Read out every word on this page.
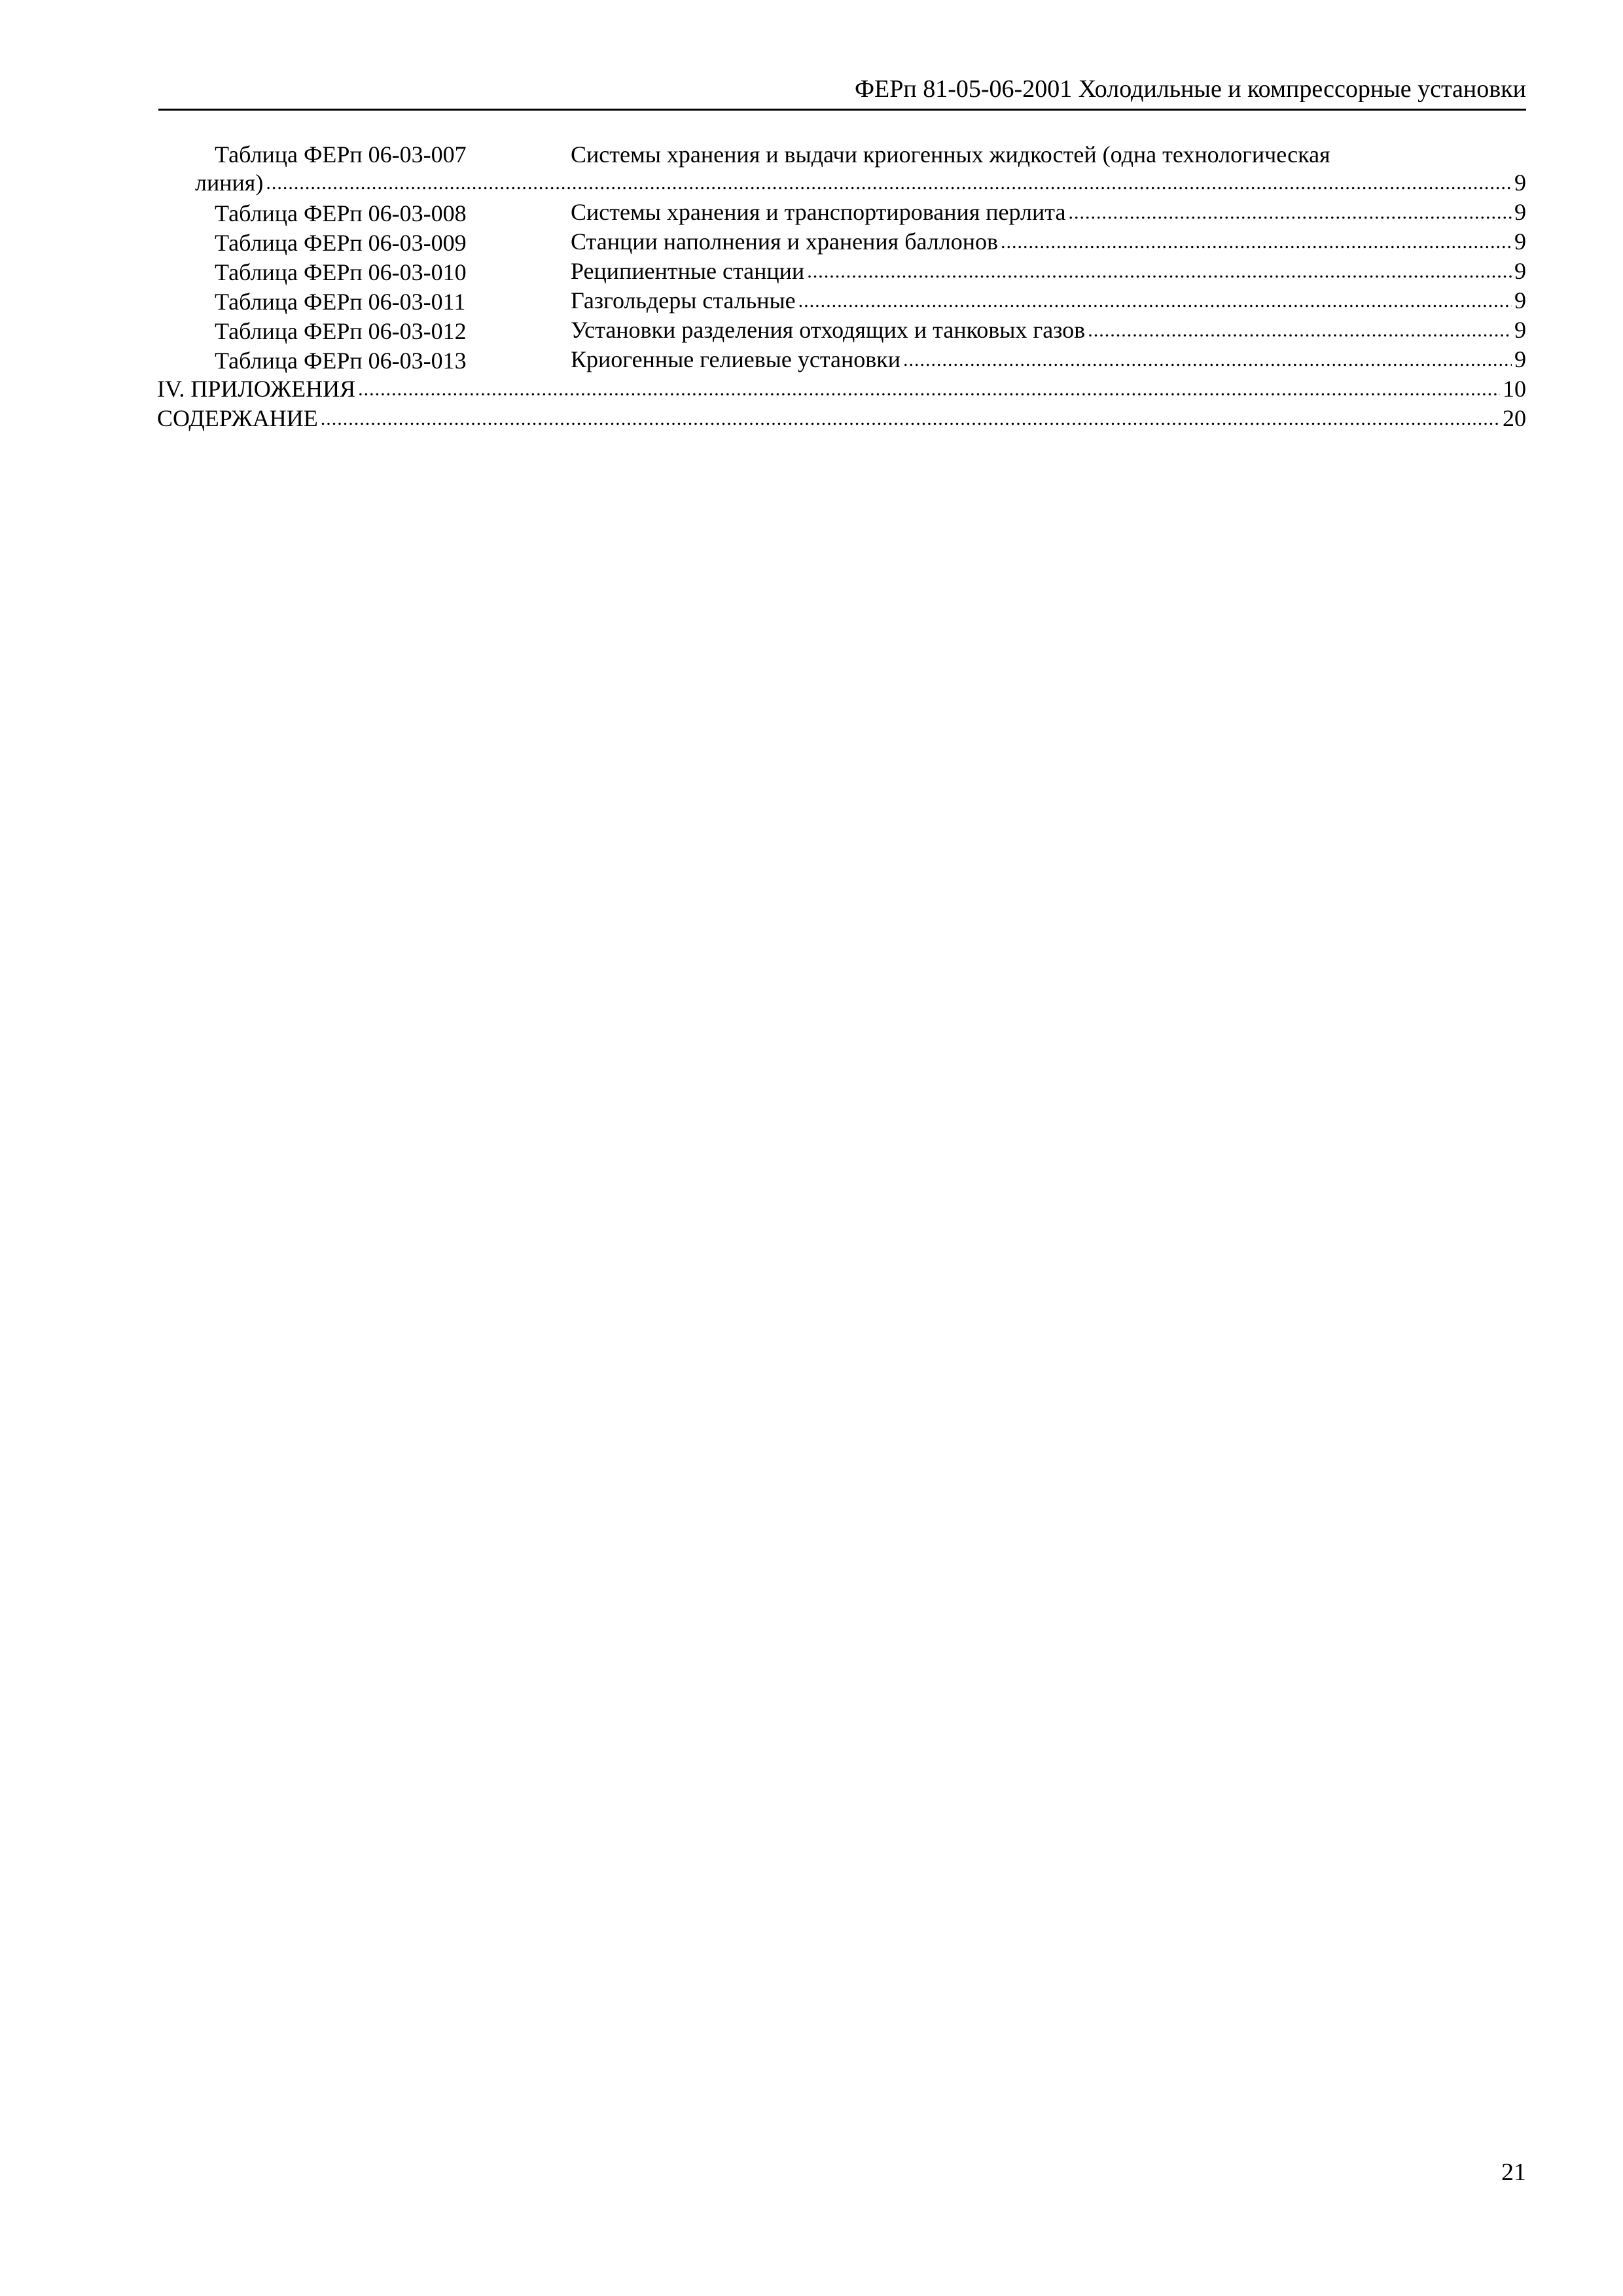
ФЕРп 81-05-06-2001 Холодильные и компрессорные установки
Таблица ФЕРп 06-03-007	Системы хранения и выдачи криогенных жидкостей (одна технологическая
линия) .....	9
Таблица ФЕРп 06-03-008	Системы хранения и транспортирования перлита .....	9
Таблица ФЕРп 06-03-009	Станции наполнения и хранения баллонов .....	9
Таблица ФЕРп 06-03-010	Реципиентные станции .....	9
Таблица ФЕРп 06-03-011	Газгольдеры стальные .....	9
Таблица ФЕРп 06-03-012	Установки разделения отходящих и танковых газов .....	9
Таблица ФЕРп 06-03-013	Криогенные гелиевые установки .....	9
IV. ПРИЛОЖЕНИЯ .....	10
СОДЕРЖАНИЕ .....	20
21
